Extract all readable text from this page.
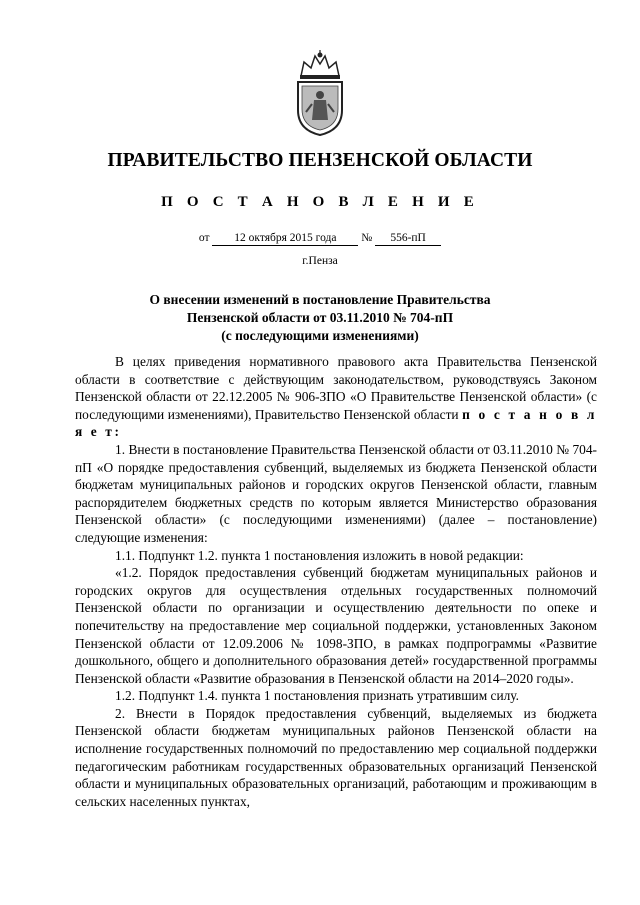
ПРАВИТЕЛЬСТВО ПЕНЗЕНСКОЙ ОБЛАСТИ
П О С Т А Н О В Л Е Н И Е
от 12 октября 2015 года № 556-пП
г.Пенза
О внесении изменений в постановление Правительства
Пензенской области от 03.11.2010 № 704-пП
(с последующими изменениями)

В целях приведения нормативного правового акта Правительства Пензенской области в соответствие с действующим законодательством, руководствуясь Законом Пензенской области от 22.12.2005 № 906-ЗПО «О Правительстве Пензенской области» (с последующими изменениями), Правительство Пензенской области п о с т а н о в л я е т:

1. Внести в постановление Правительства Пензенской области от 03.11.2010 № 704-пП «О порядке предоставления субвенций, выделяемых из бюджета Пензенской области бюджетам муниципальных районов и городских округов Пензенской области, главным распорядителем бюджетных средств по которым является Министерство образования Пензенской области» (с последующими изменениями) (далее – постановление) следующие изменения:

1.1. Подпункт 1.2. пункта 1 постановления изложить в новой редакции:

«1.2. Порядок предоставления субвенций бюджетам муниципальных районов и городских округов для осуществления отдельных государственных полномочий Пензенской области по организации и осуществлению деятельности по опеке и попечительству на предоставление мер социальной поддержки, установленных Законом Пензенской области от 12.09.2006 № 1098-ЗПО, в рамках подпрограммы «Развитие дошкольного, общего и дополнительного образования детей» государственной программы Пензенской области «Развитие образования в Пензенской области на 2014–2020 годы».

1.2. Подпункт 1.4. пункта 1 постановления признать утратившим силу.

2. Внести в Порядок предоставления субвенций, выделяемых из бюджета Пензенской области бюджетам муниципальных районов Пензенской области на исполнение государственных полномочий по предоставлению мер социальной поддержки педагогическим работникам государственных образовательных организаций Пензенской области и муниципальных образовательных организаций, работающим и проживающим в сельских населенных пунктах,
